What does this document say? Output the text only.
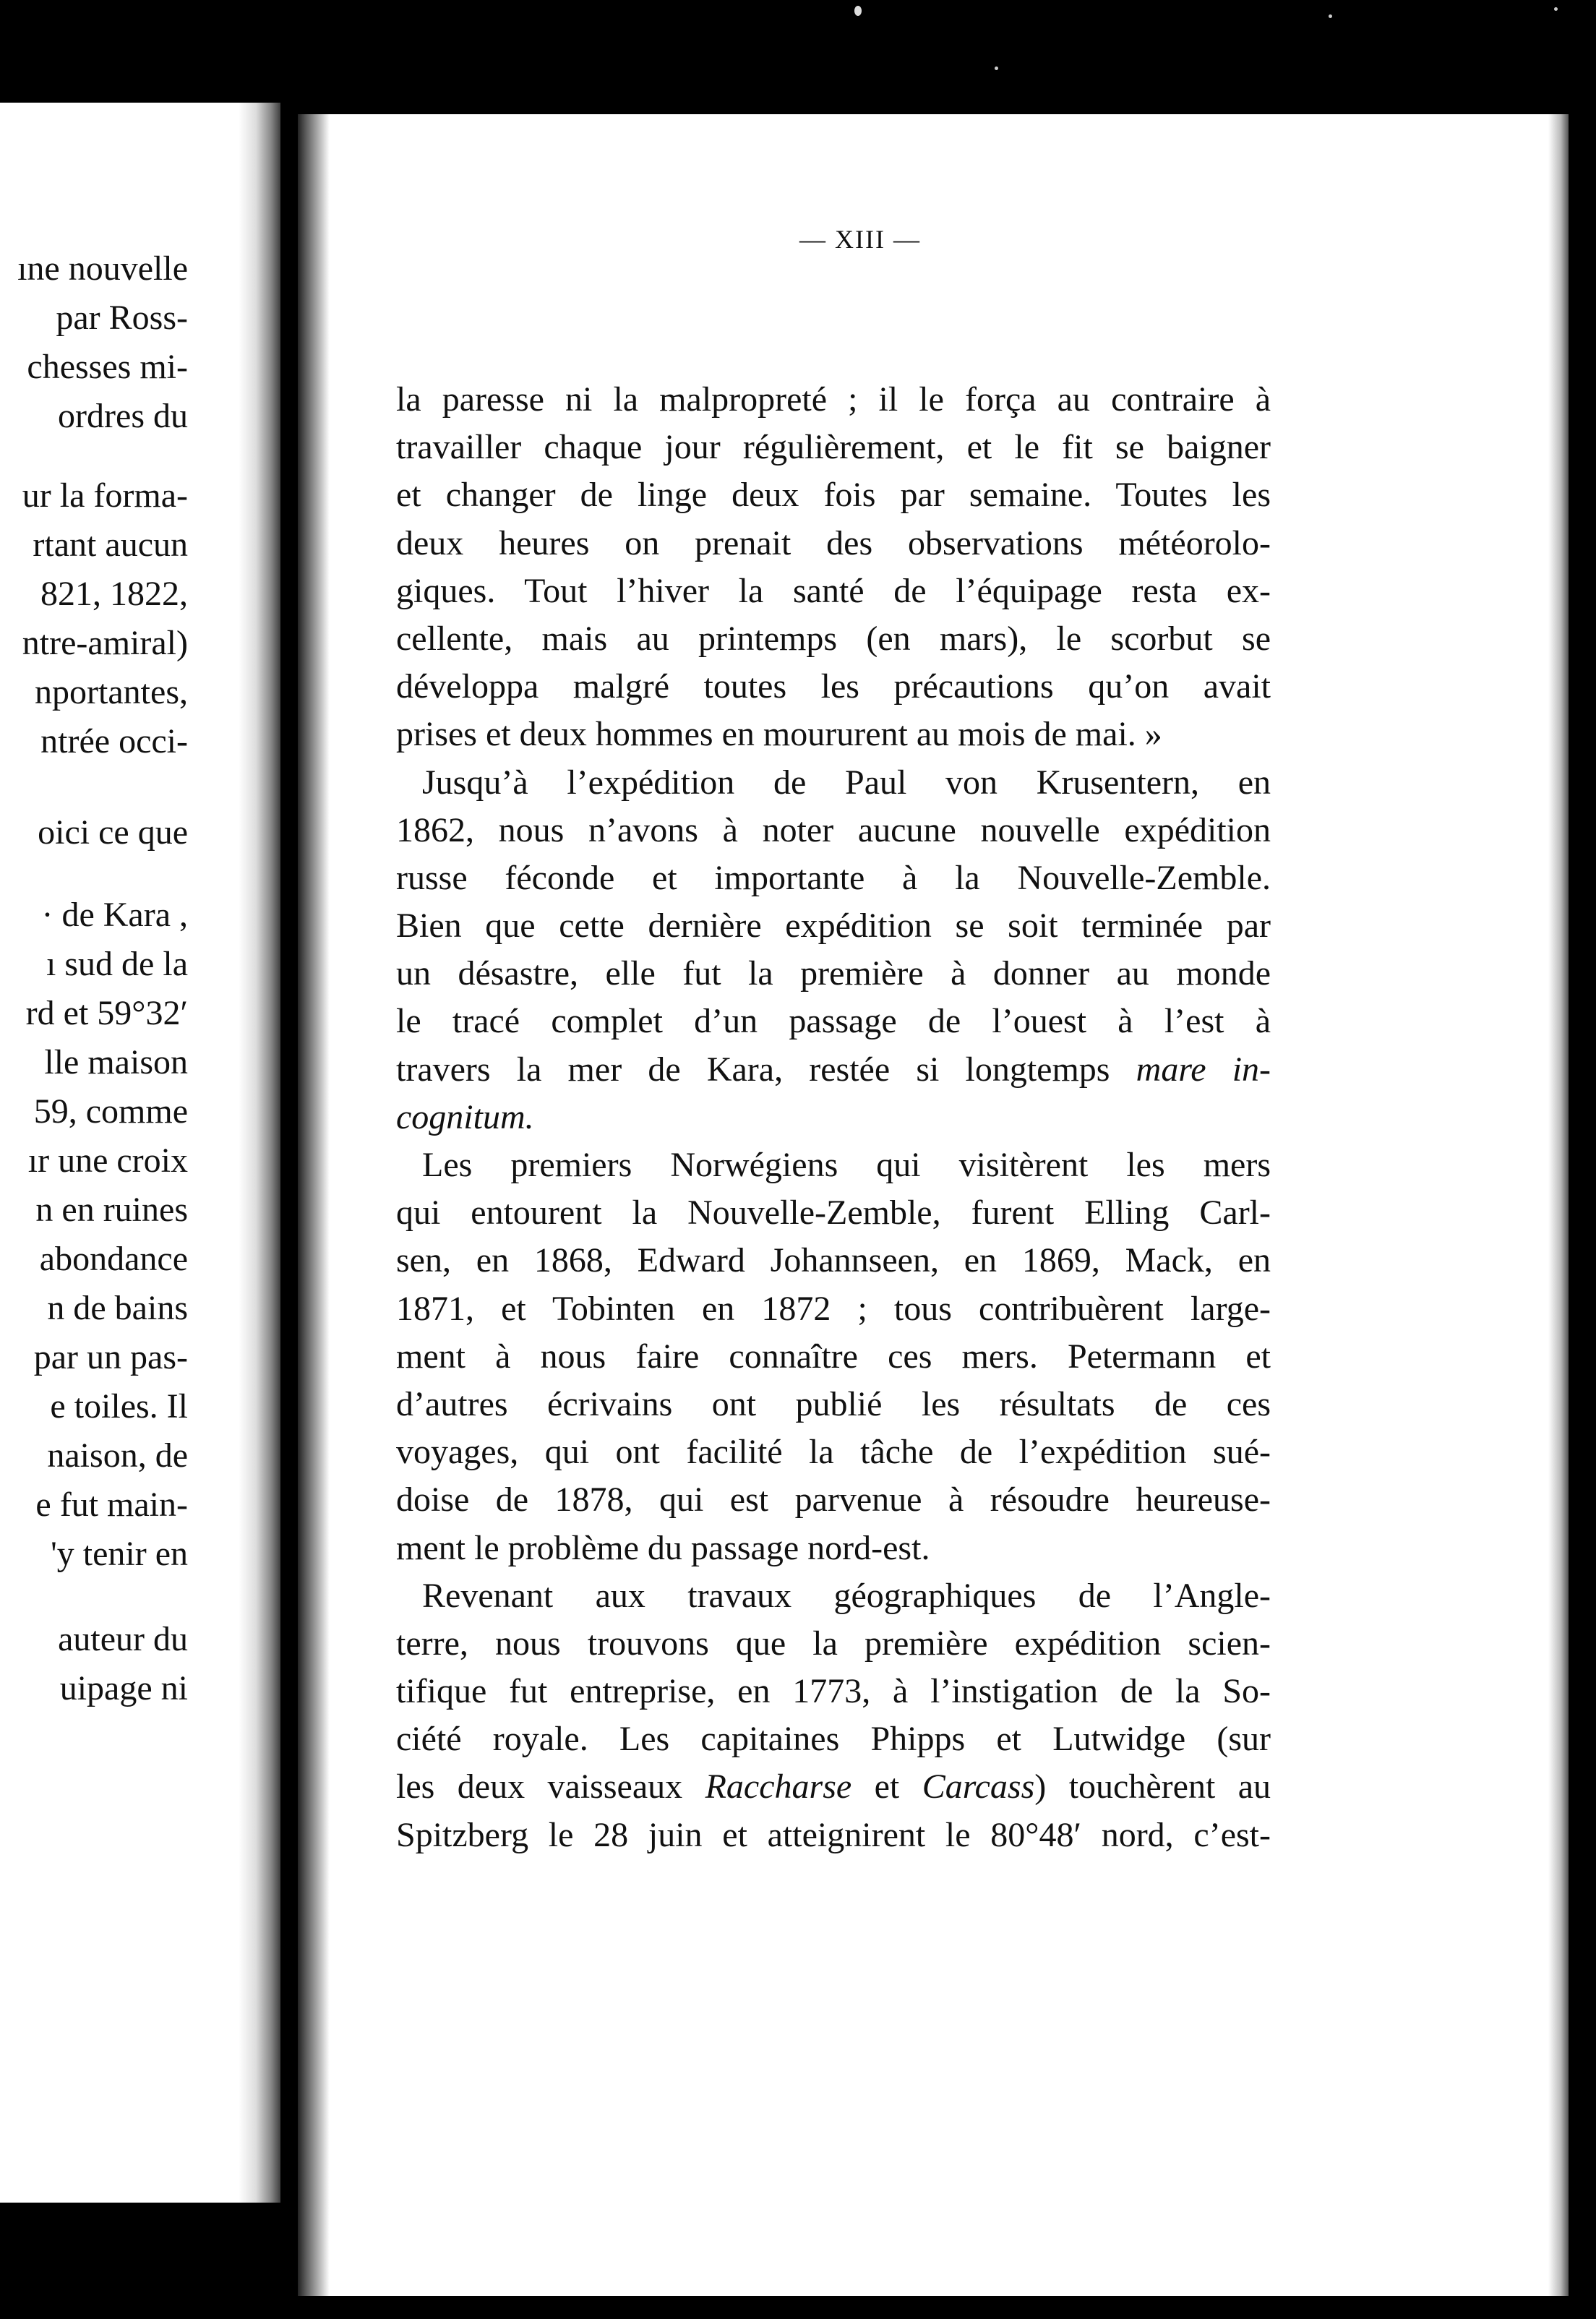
ıne nouvelle
par Ross-
chesses mi-
ordres du
ur la forma-
rtant aucun
821, 1822,
ntre-amiral)
nportantes,
ntrée occi-
oici ce que
· de Kara ,
ı sud de la
rd et 59°32′
lle maison
59, comme
ır une croix
n en ruines
abondance
n de bains
par un pas-
e toiles. Il
naison, de
e fut main-
'y tenir en
auteur du
uipage ni
— XIII —
la paresse ni la malpropreté ; il le força au contraire à
travailler chaque jour régulièrement, et le fit se baigner
et changer de linge deux fois par semaine. Toutes les
deux heures on prenait des observations météorolo-
giques. Tout l’hiver la santé de l’équipage resta ex-
cellente, mais au printemps (en mars), le scorbut se
développa malgré toutes les précautions qu’on avait
prises et deux hommes en moururent au mois de mai. »
Jusqu’à l’expédition de Paul von Krusentern, en
1862, nous n’avons à noter aucune nouvelle expédition
russe féconde et importante à la Nouvelle-Zemble.
Bien que cette dernière expédition se soit terminée par
un désastre, elle fut la première à donner au monde
le tracé complet d’un passage de l’ouest à l’est à
travers la mer de Kara, restée si longtemps mare in-
cognitum.
Les premiers Norwégiens qui visitèrent les mers
qui entourent la Nouvelle-Zemble, furent Elling Carl-
sen, en 1868, Edward Johannseen, en 1869, Mack, en
1871, et Tobinten en 1872 ; tous contribuèrent large-
ment à nous faire connaître ces mers. Petermann et
d’autres écrivains ont publié les résultats de ces
voyages, qui ont facilité la tâche de l’expédition sué-
doise de 1878, qui est parvenue à résoudre heureuse-
ment le problème du passage nord-est.
Revenant aux travaux géographiques de l’Angle-
terre, nous trouvons que la première expédition scien-
tifique fut entreprise, en 1773, à l’instigation de la So-
ciété royale. Les capitaines Phipps et Lutwidge (sur
les deux vaisseaux Raccharse et Carcass) touchèrent au
Spitzberg le 28 juin et atteignirent le 80°48′ nord, c’est-
